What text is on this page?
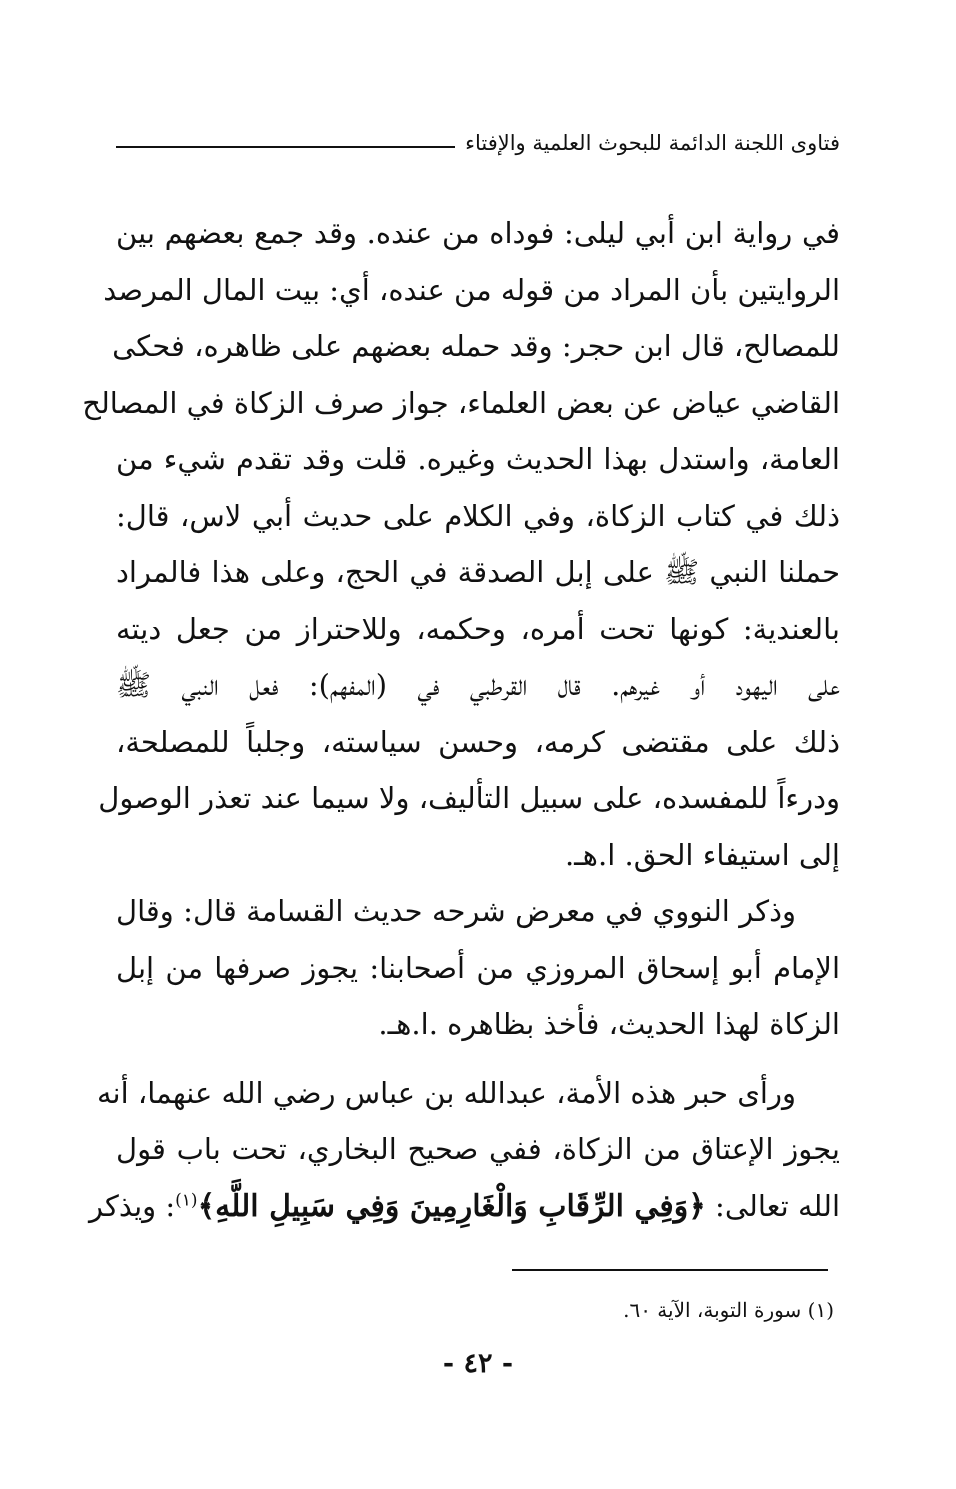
فتاوى اللجنة الدائمة للبحوث العلمية والإفتاء
في رواية ابن أبي ليلى: فوداه من عنده. وقد جمع بعضهم بين
الروايتين بأن المراد من قوله من عنده، أي: بيت المال المرصد
للمصالح، قال ابن حجر: وقد حمله بعضهم على ظاهره، فحكى
القاضي عياض عن بعض العلماء، جواز صرف الزكاة في المصالح
العامة، واستدل بهذا الحديث وغيره. قلت وقد تقدم شيء من
ذلك في كتاب الزكاة، وفي الكلام على حديث أبي لاس، قال:
حملنا النبي ﷺ على إبل الصدقة في الحج، وعلى هذا فالمراد
بالعندية: كونها تحت أمره، وحكمه، وللاحتراز من جعل ديته
على اليهود أو غيرهم. قال القرطبي في (المفهم): فعل النبي ﷺ
ذلك على مقتضى كرمه، وحسن سياسته، وجلباً للمصلحة،
ودرءاً للمفسده، على سبيل التأليف، ولا سيما عند تعذر الوصول
إلى استيفاء الحق. ا.هـ.
وذكر النووي في معرض شرحه حديث القسامة قال: وقال
الإمام أبو إسحاق المروزي من أصحابنا: يجوز صرفها من إبل
الزكاة لهذا الحديث، فأخذ بظاهره .ا.هـ.
ورأى حبر هذه الأمة، عبدالله بن عباس رضي الله عنهما، أنه
يجوز الإعتاق من الزكاة، ففي صحيح البخاري، تحت باب قول
الله تعالى: ﴿وَفِي الرِّقَابِ وَالْغَارِمِينَ وَفِي سَبِيلِ اللَّهِ﴾$^{(١)}$: ويذكر
(١) سورة التوبة، الآية ٦٠.
- ٤٢ -
